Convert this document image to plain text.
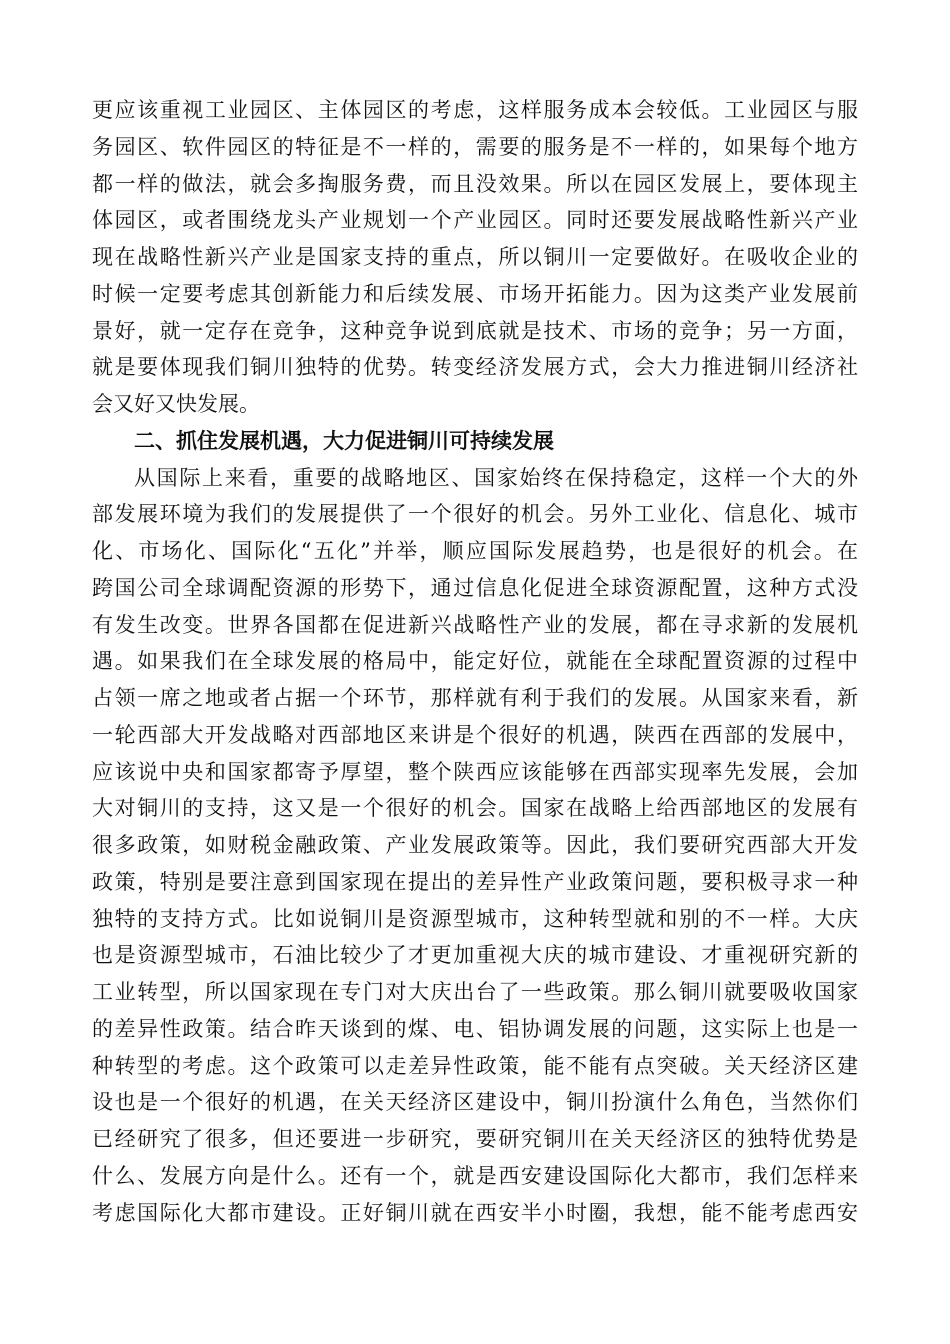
更应该重视工业园区、主体园区的考虑，这样服务成本会较低。工业园区与服
务园区、软件园区的特征是不一样的，需要的服务是不一样的，如果每个地方
都一样的做法，就会多掏服务费，而且没效果。所以在园区发展上，要体现主
体园区，或者围绕龙头产业规划一个产业园区。同时还要发展战略性新兴产业
现在战略性新兴产业是国家支持的重点，所以铜川一定要做好。在吸收企业的
时候一定要考虑其创新能力和后续发展、市场开拓能力。因为这类产业发展前
景好，就一定存在竞争，这种竞争说到底就是技术、市场的竞争；另一方面，
就是要体现我们铜川独特的优势。转变经济发展方式，会大力推进铜川经济社
会又好又快发展。
二、抓住发展机遇，大力促进铜川可持续发展
从国际上来看，重要的战略地区、国家始终在保持稳定，这样一个大的外
部发展环境为我们的发展提供了一个很好的机会。另外工业化、信息化、城市
化、市场化、国际化“五化”并举，顺应国际发展趋势，也是很好的机会。在
跨国公司全球调配资源的形势下，通过信息化促进全球资源配置，这种方式没
有发生改变。世界各国都在促进新兴战略性产业的发展，都在寻求新的发展机
遇。如果我们在全球发展的格局中，能定好位，就能在全球配置资源的过程中
占领一席之地或者占据一个环节，那样就有利于我们的发展。从国家来看，新
一轮西部大开发战略对西部地区来讲是个很好的机遇，陕西在西部的发展中，
应该说中央和国家都寄予厚望，整个陕西应该能够在西部实现率先发展，会加
大对铜川的支持，这又是一个很好的机会。国家在战略上给西部地区的发展有
很多政策，如财税金融政策、产业发展政策等。因此，我们要研究西部大开发
政策，特别是要注意到国家现在提出的差异性产业政策问题，要积极寻求一种
独特的支持方式。比如说铜川是资源型城市，这种转型就和别的不一样。大庆
也是资源型城市，石油比较少了才更加重视大庆的城市建设、才重视研究新的
工业转型，所以国家现在专门对大庆出台了一些政策。那么铜川就要吸收国家
的差异性政策。结合昨天谈到的煤、电、铝协调发展的问题，这实际上也是一
种转型的考虑。这个政策可以走差异性政策，能不能有点突破。关天经济区建
设也是一个很好的机遇，在关天经济区建设中，铜川扮演什么角色，当然你们
已经研究了很多，但还要进一步研究，要研究铜川在关天经济区的独特优势是
什么、发展方向是什么。还有一个，就是西安建设国际化大都市，我们怎样来
考虑国际化大都市建设。正好铜川就在西安半小时圈，我想，能不能考虑西安
